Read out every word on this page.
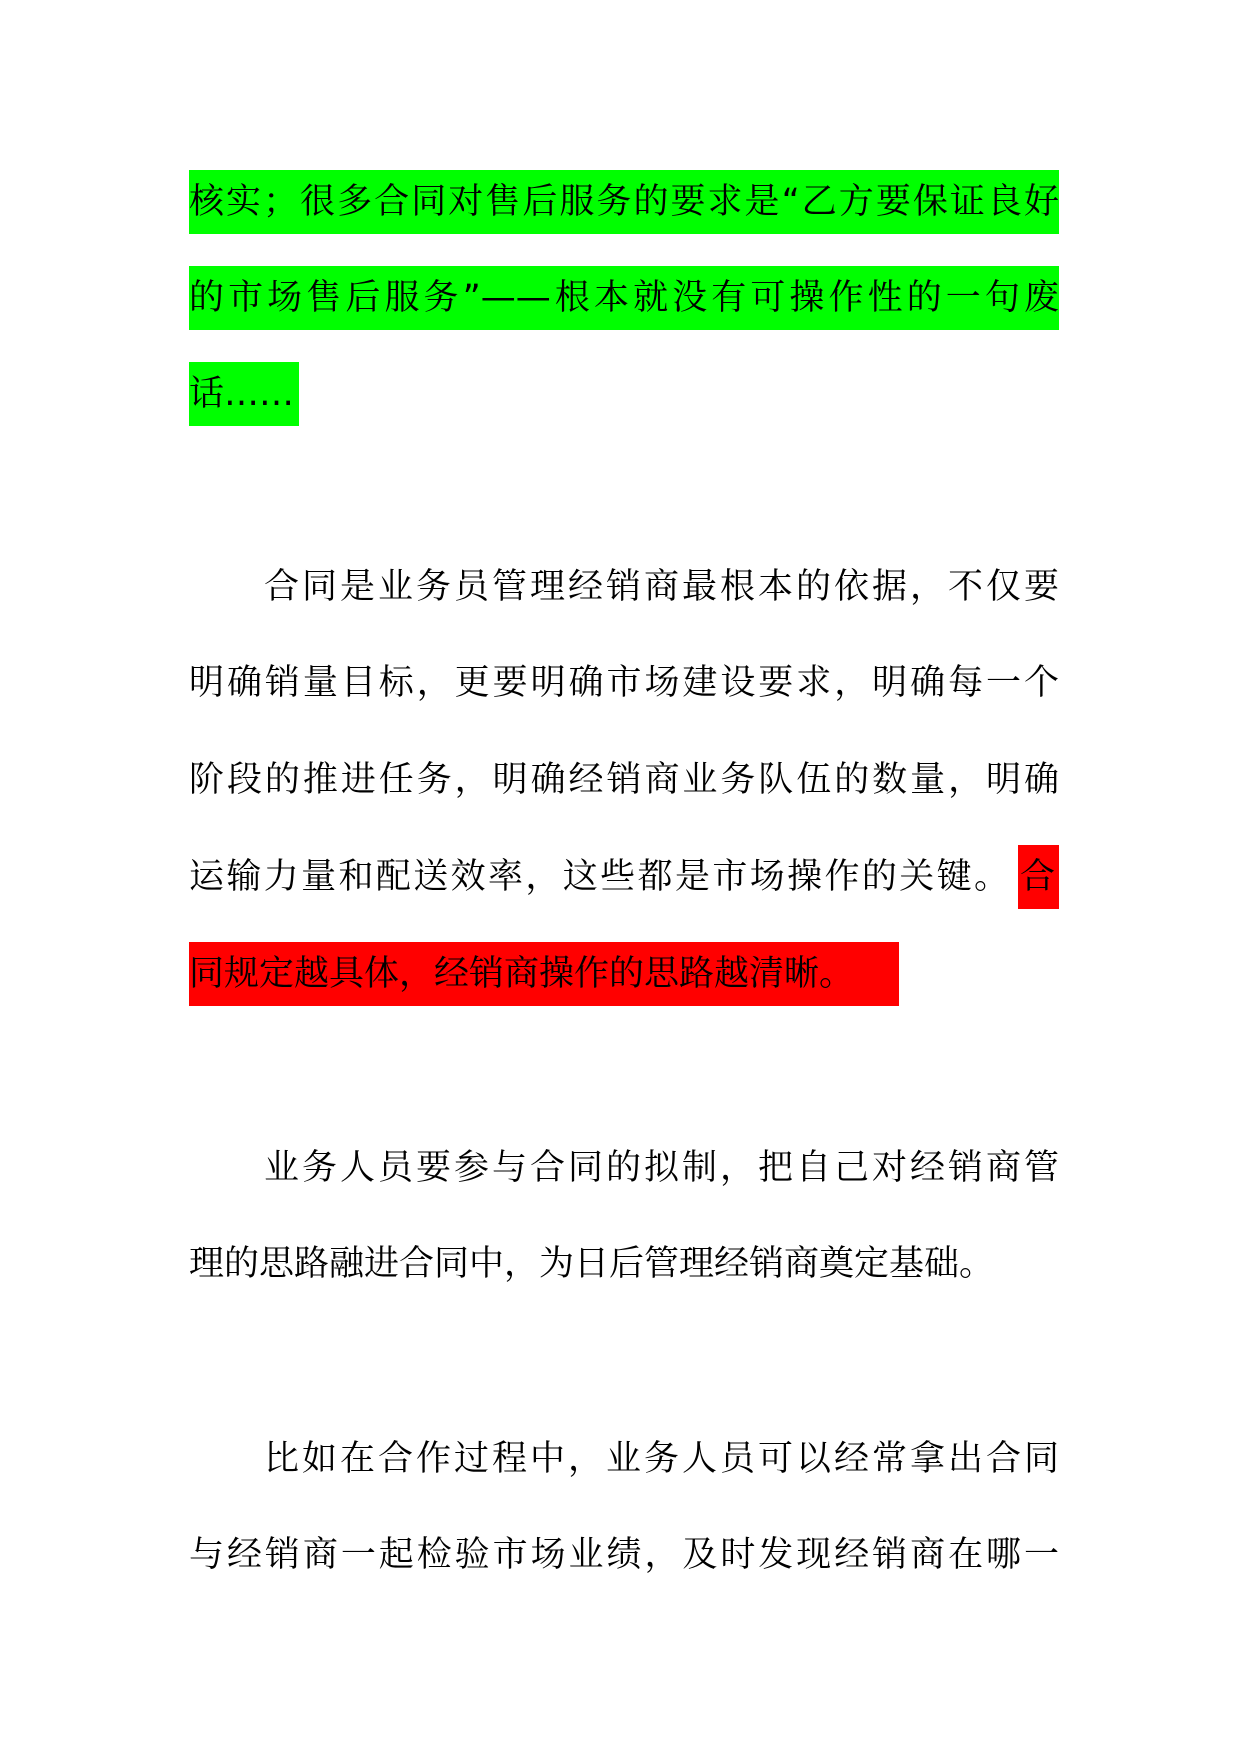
核实；很多合同对售后服务的要求是“乙方要保证良好
的市场售后服务”——根本就没有可操作性的一句废
话……
合同是业务员管理经销商最根本的依据，不仅要
明确销量目标，更要明确市场建设要求，明确每一个
阶段的推进任务，明确经销商业务队伍的数量，明确
运输力量和配送效率，这些都是市场操作的关键。 合
同规定越具体，经销商操作的思路越清晰。
业务人员要参与合同的拟制，把自己对经销商管
理的思路融进合同中，为日后管理经销商奠定基础。
比如在合作过程中，业务人员可以经常拿出合同
与经销商一起检验市场业绩，及时发现经销商在哪一
